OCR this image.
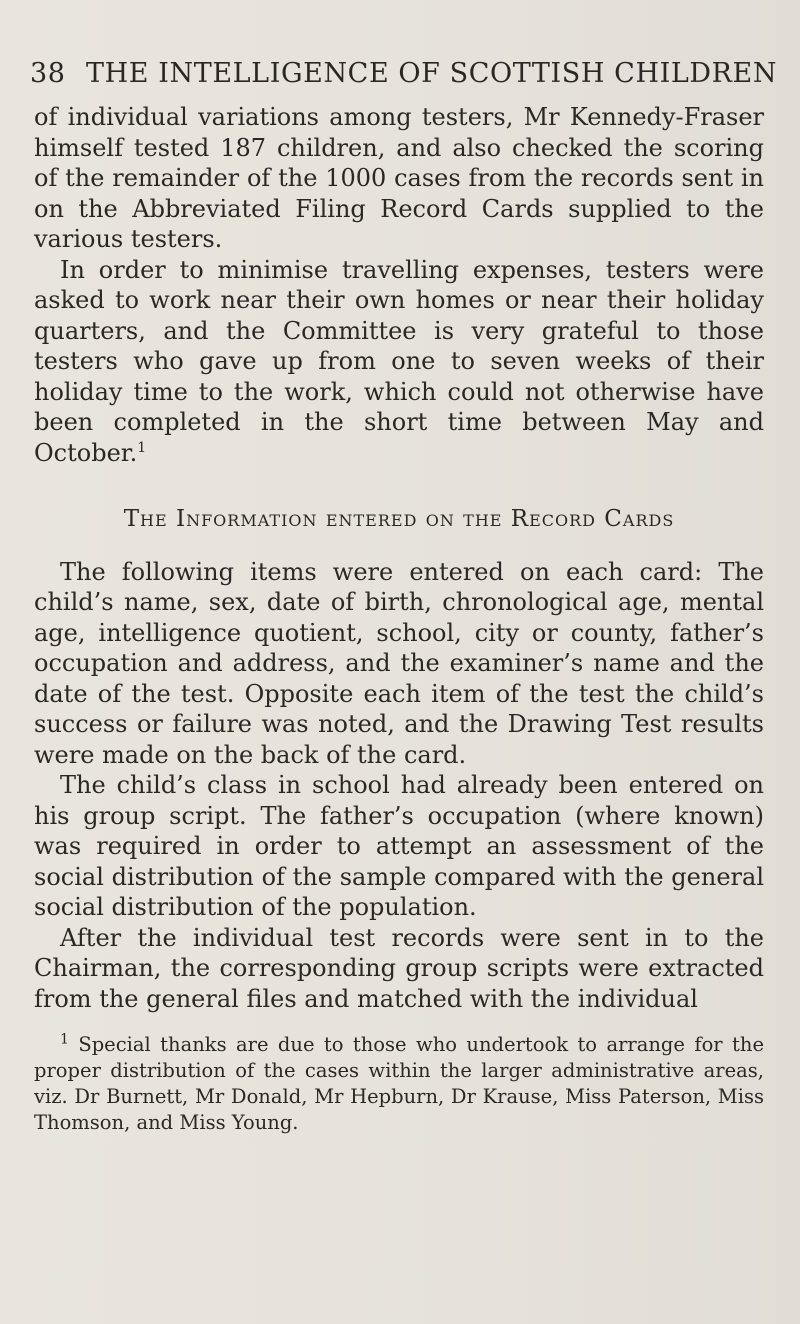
38 THE INTELLIGENCE OF SCOTTISH CHILDREN

of individual variations among testers, Mr Kennedy-Fraser himself tested 187 children, and also checked the scoring of the remainder of the 1000 cases from the records sent in on the Abbreviated Filing Record Cards supplied to the various testers.

In order to minimise travelling expenses, testers were asked to work near their own homes or near their holiday quarters, and the Committee is very grateful to those testers who gave up from one to seven weeks of their holiday time to the work, which could not otherwise have been completed in the short time between May and October.$^1$

The Information entered on the Record Cards

The following items were entered on each card: The child’s name, sex, date of birth, chronological age, mental age, intelligence quotient, school, city or county, father’s occupation and address, and the examiner’s name and the date of the test. Opposite each item of the test the child’s success or failure was noted, and the Drawing Test results were made on the back of the card.

The child’s class in school had already been entered on his group script. The father’s occupation (where known) was required in order to attempt an assessment of the social distribution of the sample compared with the general social distribution of the population.

After the individual test records were sent in to the Chairman, the corresponding group scripts were extracted from the general files and matched with the individual

$^1$ Special thanks are due to those who undertook to arrange for the proper distribution of the cases within the larger administrative areas, viz. Dr Burnett, Mr Donald, Mr Hepburn, Dr Krause, Miss Paterson, Miss Thomson, and Miss Young.
